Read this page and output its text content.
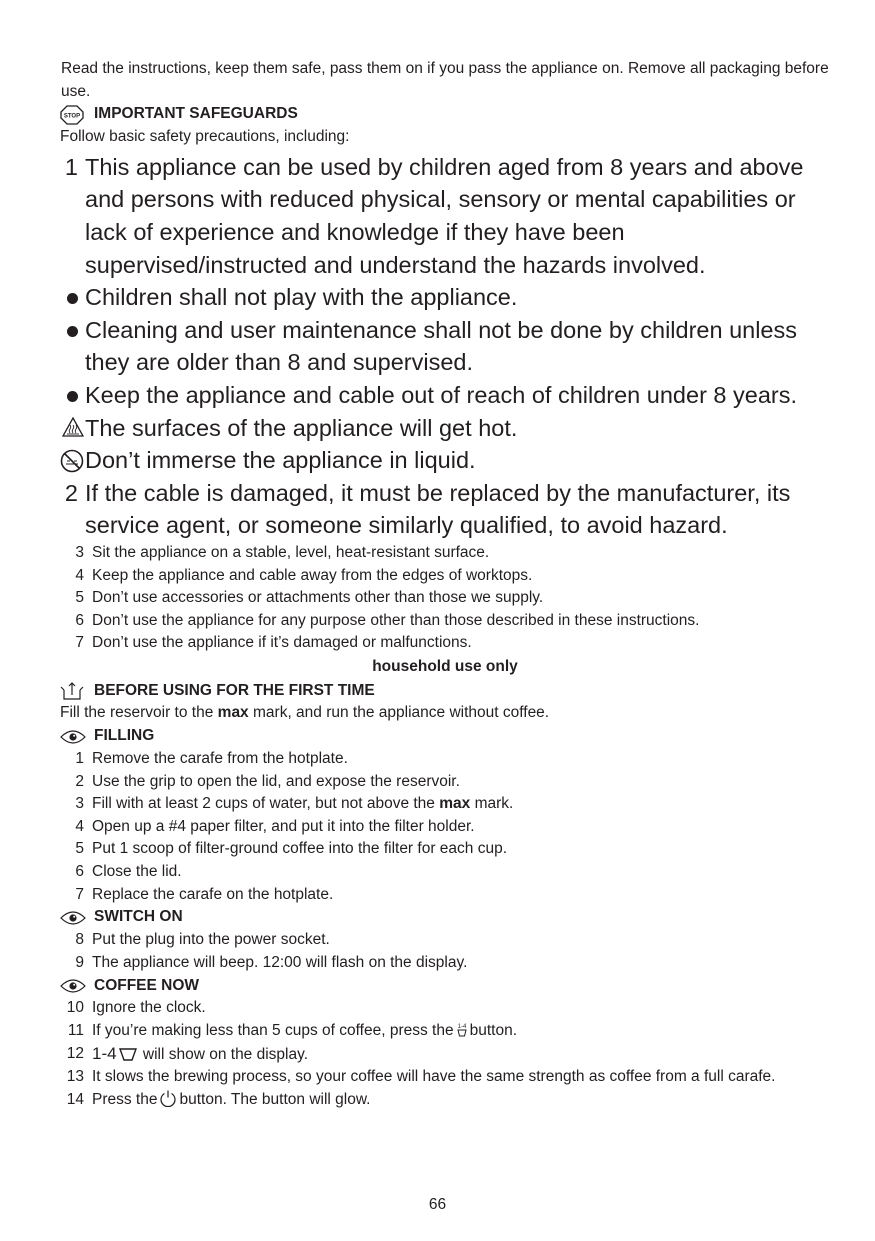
Read the instructions, keep them safe, pass them on if you pass the appliance on. Remove all packaging before use.
STOP IMPORTANT SAFEGUARDS
Follow basic safety precautions, including:
1 This appliance can be used by children aged from 8 years and above and persons with reduced physical, sensory or mental capabilities or lack of experience and knowledge if they have been supervised/instructed and understand the hazards involved.
Children shall not play with the appliance.
Cleaning and user maintenance shall not be done by children unless they are older than 8 and supervised.
Keep the appliance and cable out of reach of children under 8 years.
The surfaces of the appliance will get hot.
Don’t immerse the appliance in liquid.
2 If the cable is damaged, it must be replaced by the manufacturer, its service agent, or someone similarly qualified, to avoid hazard.
3 Sit the appliance on a stable, level, heat-resistant surface.
4 Keep the appliance and cable away from the edges of worktops.
5 Don’t use accessories or attachments other than those we supply.
6 Don’t use the appliance for any purpose other than those described in these instructions.
7 Don’t use the appliance if it’s damaged or malfunctions.
household use only
BEFORE USING FOR THE FIRST TIME
Fill the reservoir to the max mark, and run the appliance without coffee.
FILLING
1 Remove the carafe from the hotplate.
2 Use the grip to open the lid, and expose the reservoir.
3 Fill with at least 2 cups of water, but not above the max mark.
4 Open up a #4 paper filter, and put it into the filter holder.
5 Put 1 scoop of filter-ground coffee into the filter for each cup.
6 Close the lid.
7 Replace the carafe on the hotplate.
SWITCH ON
8 Put the plug into the power socket.
9 The appliance will beep. 12:00 will flash on the display.
COFFEE NOW
10 Ignore the clock.
11 If you’re making less than 5 cups of coffee, press the 1-4 button.
12 1-4 will show on the display.
13 It slows the brewing process, so your coffee will have the same strength as coffee from a full carafe.
14 Press the button. The button will glow.
66
